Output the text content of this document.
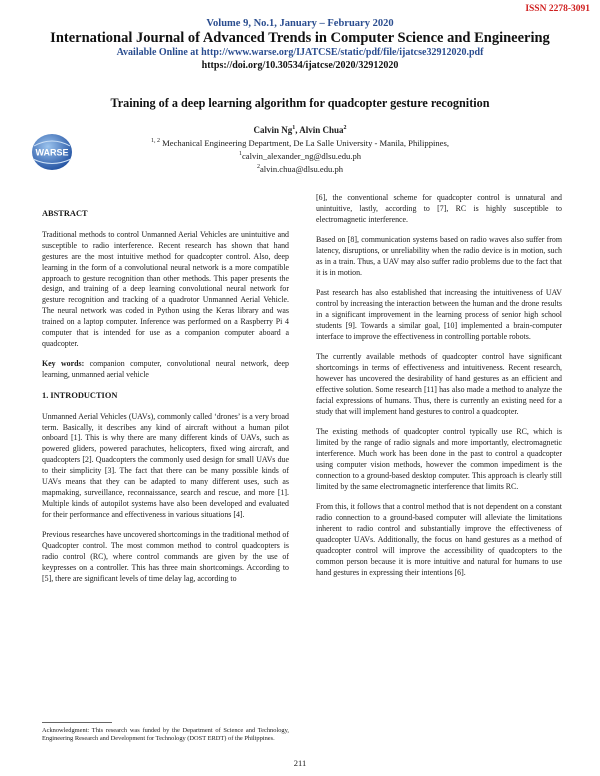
ISSN 2278-3091
Volume 9, No.1, January – February 2020
International Journal of Advanced Trends in Computer Science and Engineering
Available Online at http://www.warse.org/IJATCSE/static/pdf/file/ijatcse32912020.pdf
https://doi.org/10.30534/ijatcse/2020/32912020
WARSE
Training of a deep learning algorithm for quadcopter gesture recognition
Calvin Ng$^1$, Alvin Chua$^2$
$^{1, 2}$ Mechanical Engineering Department, De La Salle University - Manila, Philippines,
$^1$calvin_alexander_ng@dlsu.edu.ph
$^2$alvin.chua@dlsu.edu.ph
ABSTRACT

Traditional methods to control Unmanned Aerial Vehicles are unintuitive and susceptible to radio interference. Recent research has shown that hand gestures are the most intuitive method for quadcopter control. Also, deep learning in the form of a convolutional neural network is a more compatible approach to gesture recognition than other methods. This paper presents the design, and training of a deep learning convolutional neural network for gesture recognition and tracking of a quadrotor Unmanned Aerial Vehicle. The neural network was coded in Python using the Keras library and was trained on a laptop computer. Inference was performed on a Raspberry Pi 4 computer that is intended for use as a companion computer aboard a quadcopter.

Key words: companion computer, convolutional neural network, deep learning, unmanned aerial vehicle

1. INTRODUCTION

Unmanned Aerial Vehicles (UAVs), commonly called ‘drones’ is a very broad term. Basically, it describes any kind of aircraft without a human pilot onboard [1]. This is why there are many different kinds of UAVs, such as powered gliders, powered parachutes, helicopters, fixed wing aircraft, and quadcopters [2]. Quadcopters the commonly used design for small UAVs due to their simplicity [3]. The fact that there can be many possible kinds of UAVs means that they can be adapted to many different uses, such as mapmaking, surveillance, reconnaissance, search and rescue, and more [1]. Multiple kinds of autopilot systems have also been developed and evaluated for their performance and effectiveness in various situations [4].

Previous researches have uncovered shortcomings in the traditional method of Quadcopter control. The most common method to control quadcopters is radio control (RC), where control commands are given by the use of keypresses on a controller. This has three main shortcomings. According to [5], there are significant levels of time delay lag, according to

Acknowledgment: This research was funded by the Department of Science and Technology, Engineering Research and Development for Technology (DOST ERDT) of the Philippines.

[6], the conventional scheme for quadcopter control is unnatural and unintuitive, lastly, according to [7], RC is highly susceptible to electromagnetic interference.

Based on [8], communication systems based on radio waves also suffer from latency, disruptions, or unreliability when the radio device is in motion, such as in a train. Thus, a UAV may also suffer radio problems due to the fact that it is in motion.

Past research has also established that increasing the intuitiveness of UAV control by increasing the interaction between the human and the drone results in a significant improvement in the learning process of senior high school students [9]. Towards a similar goal, [10] implemented a brain-computer interface to improve the effectiveness in controlling portable robots.

The currently available methods of quadcopter control have significant shortcomings in terms of effectiveness and intuitiveness. Recent research, however has uncovered the desirability of hand gestures as an efficient and effective solution. Some research [11] has also made a method to analyze the facial expressions of humans. Thus, there is currently an existing need for a study that will implement hand gestures to control a quadcopter.

The existing methods of quadcopter control typically use RC, which is limited by the range of radio signals and more importantly, electromagnetic interference. Much work has been done in the past to control a quadcopter using computer vision methods, however the common impediment is the connection to a ground-based desktop computer. This approach is clearly still limited by the same electromagnetic interference that limits RC.

From this, it follows that a control method that is not dependent on a constant radio connection to a ground-based computer will alleviate the limitations inherent to radio control and substantially improve the effectiveness of quadcopter UAVs. Additionally, the focus on hand gestures as a method of quadcopter control will improve the accessibility of quadcopters to the common person because it is more intuitive and natural for humans to use hand gestures in expressing their intentions [6].

211
